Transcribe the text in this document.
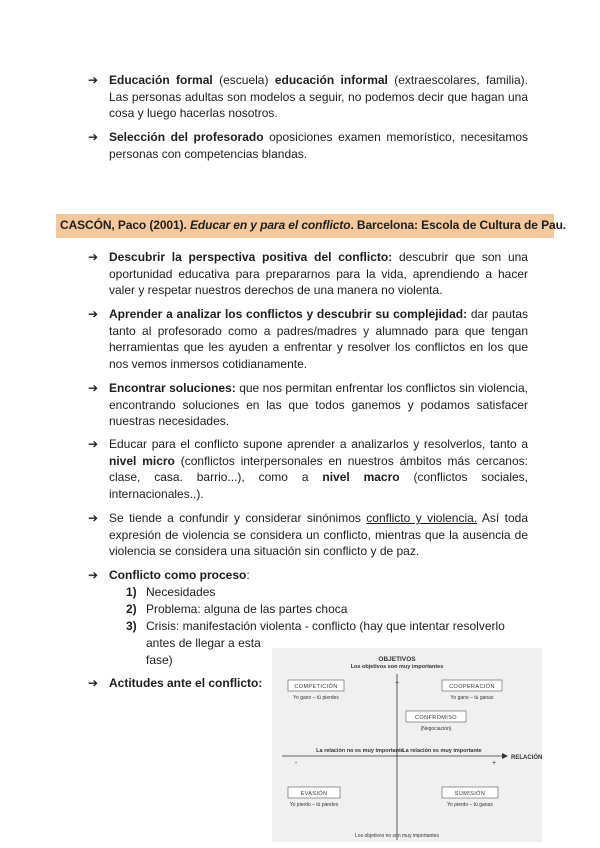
➔ Educación formal (escuela) educación informal (extraescolares, familia). Las personas adultas son modelos a seguir, no podemos decir que hagan una cosa y luego hacerlas nosotros.
➔ Selección del profesorado oposiciones examen memorístico, necesitamos personas con competencias blandas.
CASCÓN, Paco (2001). Educar en y para el conflicto. Barcelona: Escola de Cultura de Pau.
➔ Descubrir la perspectiva positiva del conflicto: descubrir que son una oportunidad educativa para prepararnos para la vida, aprendiendo a hacer valer y respetar nuestros derechos de una manera no violenta.
➔ Aprender a analizar los conflictos y descubrir su complejidad: dar pautas tanto al profesorado como a padres/madres y alumnado para que tengan herramientas que les ayuden a enfrentar y resolver los conflictos en los que nos vemos inmersos cotidianamente.
➔ Encontrar soluciones: que nos permitan enfrentar los conflictos sin violencia, encontrando soluciones en las que todos ganemos y podamos satisfacer nuestras necesidades.
➔ Educar para el conflicto supone aprender a analizarlos y resolverlos, tanto a nivel micro (conflictos interpersonales en nuestros ámbitos más cercanos: clase, casa. barrio...), como a nivel macro (conflictos sociales, internacionales..).
➔ Se tiende a confundir y considerar sinónimos conflicto y violencia. Así toda expresión de violencia se considera un conflicto, mientras que la ausencia de violencia se considera una situación sin conflicto y de paz.
➔ Conflicto como proceso:
1) Necesidades
2) Problema: alguna de las partes choca
3) Crisis: manifestación violenta - conflicto (hay que intentar resolverlo
antes de llegar a esta
fase)
➔ Actitudes ante el conflicto:
OBJETIVOS
Los objetivos son muy importantes
+
COMPETICIÓN
Yo gano – tú pierdes
COOPERACIÓN
Yo gano – tú ganas
CONFROMISO
(Negociación)
La relación no es muy importante
La relación es muy importante
RELACIÓN
-	+
EVASIÓN
Yo pierdo – tú pierdes
SUMISIÓN
Yo pierdo – tú ganas
Los objetivos no son muy importantes
